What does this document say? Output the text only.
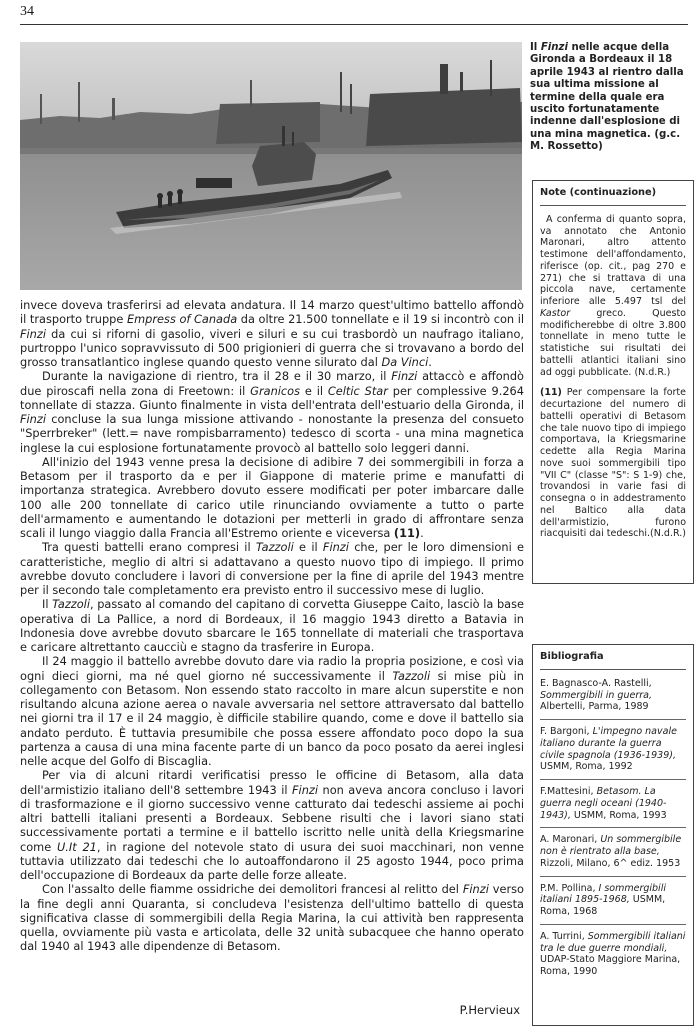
34
Il Finzi nelle acque della Gironda a Bordeaux il 18 aprile 1943 al rientro dalla sua ultima missione al termine della quale era uscito fortunatamente indenne dall'esplosione di una mina magnetica. (g.c. M. Rossetto)

invece doveva trasferirsi ad elevata andatura. Il 14 marzo quest'ultimo battello affondò il trasporto truppe Empress of Canada da oltre 21.500 tonnellate e il 19 si incontrò con il Finzi da cui si riforni di gasolio, viveri e siluri e su cui trasbordò un naufrago italiano, purtroppo l'unico sopravvissuto di 500 prigionieri di guerra che si trovavano a bordo del grosso transatlantico inglese quando questo venne silurato dal Da Vinci.

Durante la navigazione di rientro, tra il 28 e il 30 marzo, il Finzi attaccò e affondò due piroscafi nella zona di Freetown: il Granicos e il Celtic Star per complessive 9.264 tonnellate di stazza. Giunto finalmente in vista dell'entrata dell'estuario della Gironda, il Finzi concluse la sua lunga missione attivando - nonostante la presenza del consueto "Sperrbreker" (lett.= nave rompisbarramento) tedesco di scorta - una mina magnetica inglese la cui esplosione fortunatamente provocò al battello solo leggeri danni.

All'inizio del 1943 venne presa la decisione di adibire 7 dei sommergibili in forza a Betasom per il trasporto da e per il Giappone di materie prime e manufatti di importanza strategica. Avrebbero dovuto essere modificati per poter imbarcare dalle 100 alle 200 tonnellate di carico utile rinunciando ovviamente a tutto o parte dell'armamento e aumentando le dotazioni per metterli in grado di affrontare senza scali il lungo viaggio dalla Francia all'Estremo oriente e viceversa (11).

Tra questi battelli erano compresi il Tazzoli e il Finzi che, per le loro dimensioni e caratteristiche, meglio di altri si adattavano a questo nuovo tipo di impiego. Il primo avrebbe dovuto concludere i lavori di conversione per la fine di aprile del 1943 mentre per il secondo tale completamento era previsto entro il successivo mese di luglio.

Il Tazzoli, passato al comando del capitano di corvetta Giuseppe Caito, lasciò la base operativa di La Pallice, a nord di Bordeaux, il 16 maggio 1943 diretto a Batavia in Indonesia dove avrebbe dovuto sbarcare le 165 tonnellate di materiali che trasportava e caricare altrettanto caucciù e stagno da trasferire in Europa.

Il 24 maggio il battello avrebbe dovuto dare via radio la propria posizione, e così via ogni dieci giorni, ma né quel giorno né successivamente il Tazzoli si mise più in collegamento con Betasom. Non essendo stato raccolto in mare alcun superstite e non risultando alcuna azione aerea o navale avversaria nel settore attraversato dal battello nei giorni tra il 17 e il 24 maggio, è difficile stabilire quando, come e dove il battello sia andato perduto. È tuttavia presumibile che possa essere affondato poco dopo la sua partenza a causa di una mina facente parte di un banco da poco posato da aerei inglesi nelle acque del Golfo di Biscaglia.

Per via di alcuni ritardi verificatisi presso le officine di Betasom, alla data dell'armistizio italiano dell'8 settembre 1943 il Finzi non aveva ancora concluso i lavori di trasformazione e il giorno successivo venne catturato dai tedeschi assieme ai pochi altri battelli italiani presenti a Bordeaux. Sebbene risulti che i lavori siano stati successivamente portati a termine e il battello iscritto nelle unità della Kriegsmarine come U.It 21, in ragione del notevole stato di usura dei suoi macchinari, non venne tuttavia utilizzato dai tedeschi che lo autoaffondarono il 25 agosto 1944, poco prima dell'occupazione di Bordeaux da parte delle forze alleate.

Con l'assalto delle fiamme ossidriche dei demolitori francesi al relitto del Finzi verso la fine degli anni Quaranta, si concludeva l'esistenza dell'ultimo battello di questa significativa classe di sommergibili della Regia Marina, la cui attività ben rappresenta quella, ovviamente più vasta e articolata, delle 32 unità subacquee che hanno operato dal 1940 al 1943 alle dipendenze di Betasom.

P.Hervieux
Note (continuazione)

A conferma di quanto sopra, va annotato che Antonio Maronari, altro attento testimone dell'affondamento, riferisce (op. cit., pag 270 e 271) che si trattava di una piccola nave, certamente inferiore alle 5.497 tsl del Kastor greco. Questo modificherebbe di oltre 3.800 tonnellate in meno tutte le statistiche sui risultati dei battelli atlantici italiani sino ad oggi pubblicate. (N.d.R.)

(11) Per compensare la forte decurtazione del numero di battelli operativi di Betasom che tale nuovo tipo di impiego comportava, la Kriegsmarine cedette alla Regia Marina nove suoi sommergibili tipo "VII C" (classe "S": S 1-9) che, trovandosi in varie fasi di consegna o in addestramento nel Baltico alla data dell'armistizio, furono riacquisiti dai tedeschi.(N.d.R.)

Bibliografia
E. Bagnasco-A. Rastelli, Sommergibili in guerra, Albertelli, Parma, 1989
F. Bargoni, L'impegno navale italiano durante la guerra civile spagnola (1936-1939), USMM, Roma, 1992
F.Mattesini, Betasom. La guerra negli oceani (1940-1943), USMM, Roma, 1993
A. Maronari, Un sommergibile non è rientrato alla base, Rizzoli, Milano, 6^ ediz. 1953
P.M. Pollina, I sommergibili italiani 1895-1968, USMM, Roma, 1968
A. Turrini, Sommergibili italiani tra le due guerre mondiali, UDAP-Stato Maggiore Marina, Roma, 1990
